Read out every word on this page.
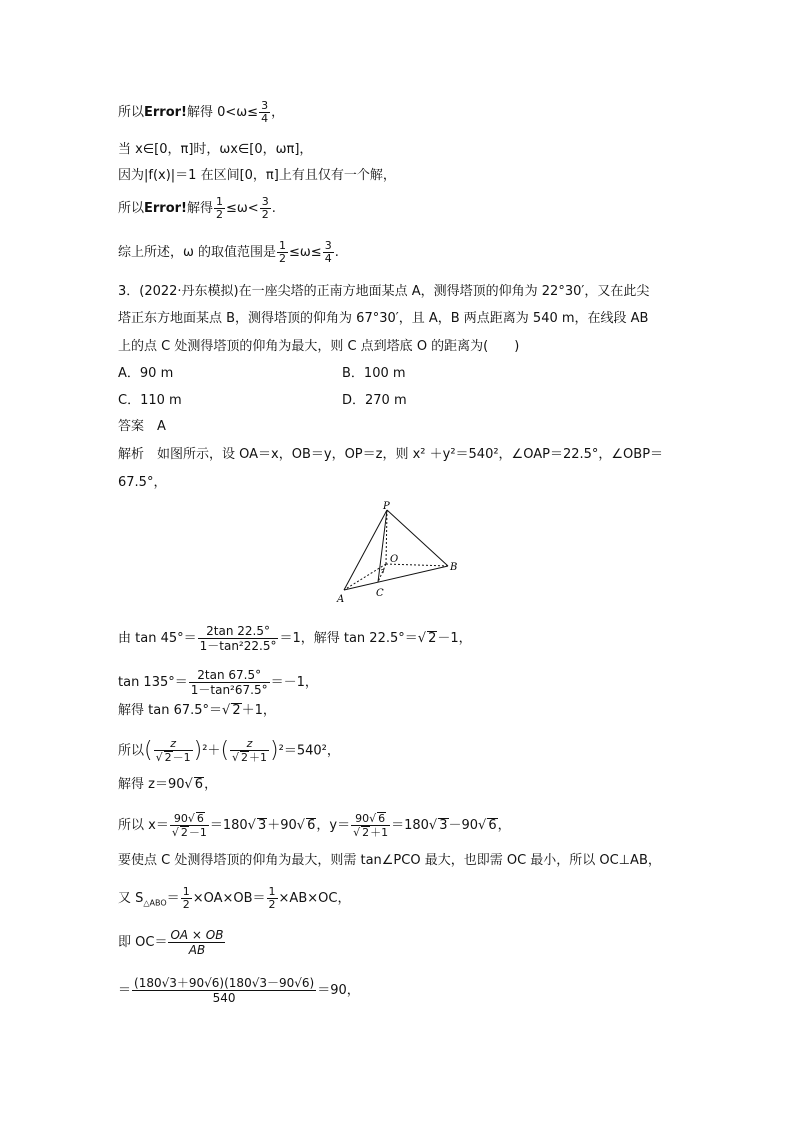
所以Error!解得 $0<\omega\le \frac{3}{4}$ ，
当 x∈[0，π]时，ωx∈[0，ωπ]，
因为|f(x)|＝1 在区间[0，π]上有且仅有一个解，
所以Error!解得 $\frac{1}{2} \le\omega< \frac{3}{2}$ .
综上所述，ω 的取值范围是 $\frac{1}{2} \le\omega\le \frac{3}{4}$ .
3．(2022·丹东模拟)在一座尖塔的正南方地面某点 A，测得塔顶的仰角为 22°30′，又在此尖
塔正东方地面某点 B，测得塔顶的仰角为 67°30′，且 A，B 两点距离为 540 m，在线段 AB
上的点 C 处测得塔顶的仰角为最大，则 C 点到塔底 O 的距离为(　　)
A．90 m	B．100 m
C．110 m	D．270 m
答案　A
解析　如图所示，设 OA＝x，OB＝y，OP＝z，则 x² ＋y²＝540²，∠OAP＝22.5°，∠OBP＝
67.5°，
P
O
B
A
C
由 $\tan 45^\circ= \frac{2\tan 22.5^\circ}{\text{1－tan²22.5°}} =1$，解得 tan 22.5°＝√ 2－1，
$\tan 135^\circ= \frac{2\tan 67.5^\circ}{\text{1－tan²67.5°}} =-1$，
解得 tan 67.5°＝√ 2＋1，
所以( $\frac{z}{√ 2-1} )^2+( \frac{z}{√ 2+1} )^2=540^2$，
解得 z＝90√ 6，
所以 $x= \frac{90√ 6}{√ 2-1} =180√$ 3＋90√ 6，$y= \frac{90√ 6}{√ 2+1} =180√$ 3－90√ 6，
要使点 C 处测得塔顶的仰角为最大，则需 tan∠PCO 最大，也即需 OC 最小，所以 OC⊥AB，
又 $S_{\triangle ABO}= \frac{1}{2} \times OA\times OB= \frac{1}{2} \times AB\times OC$，
即 $OC= \frac{OA \times OB}{AB}$
＝ $\frac{(180√3+90√6)(180√3-90√6)}{540} =90$，
